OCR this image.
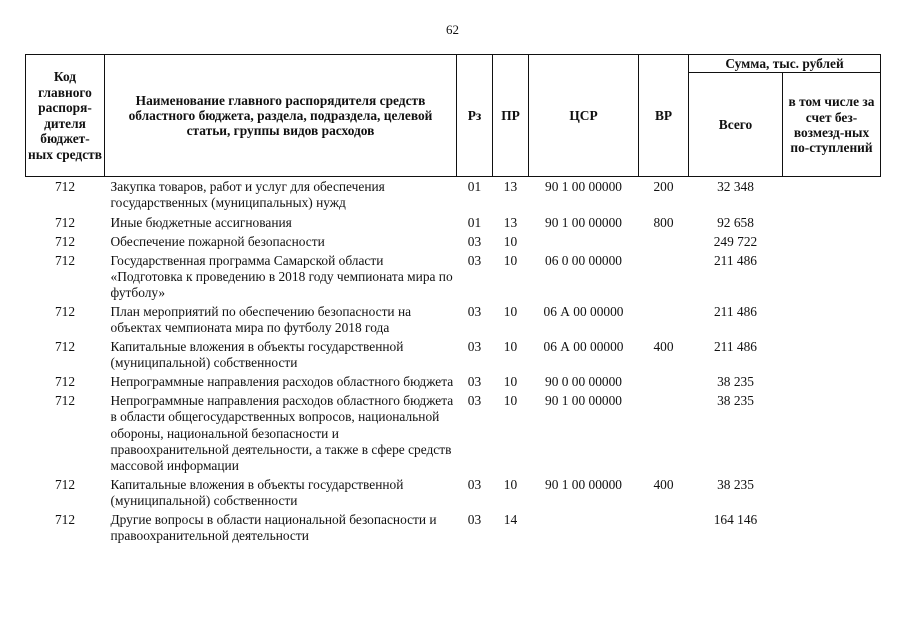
62
Код главного распоря-дителя бюджет-ных средств	Наименование главного распорядителя средств областного бюджета, раздела, подраздела, целевой статьи, группы видов расходов	Рз	ПР	ЦСР	ВР	Сумма, тыс. рублей	
						Всего	в том числе за счет без-возмезд-ных по-ступлений
712	Закупка товаров, работ и услуг для обеспечения государственных (муниципальных) нужд	01	13	90 1 00 00000	200	32 348	
712	Иные бюджетные ассигнования	01	13	90 1 00 00000	800	92 658	
712	Обеспечение пожарной безопасности	03	10			249 722	
712	Государственная программа Самарской области «Подготовка к проведению в 2018 году чемпионата мира по футболу»	03	10	06 0 00 00000		211 486	
712	План мероприятий по обеспечению безопасности на объектах чемпионата мира по футболу 2018 года	03	10	06 А 00 00000		211 486	
712	Капитальные вложения в объекты государственной (муниципальной) собственности	03	10	06 А 00 00000	400	211 486	
712	Непрограммные направления расходов областного бюджета	03	10	90 0 00 00000		38 235	
712	Непрограммные направления расходов областного бюджета в области общегосударственных вопросов, национальной обороны, национальной безопасности и правоохранительной деятельности, а также в сфере средств массовой информации	03	10	90 1 00 00000		38 235	
712	Капитальные вложения в объекты государственной (муниципальной) собственности	03	10	90 1 00 00000	400	38 235	
712	Другие вопросы в области национальной безопасности и правоохранительной деятельности	03	14			164 146	
